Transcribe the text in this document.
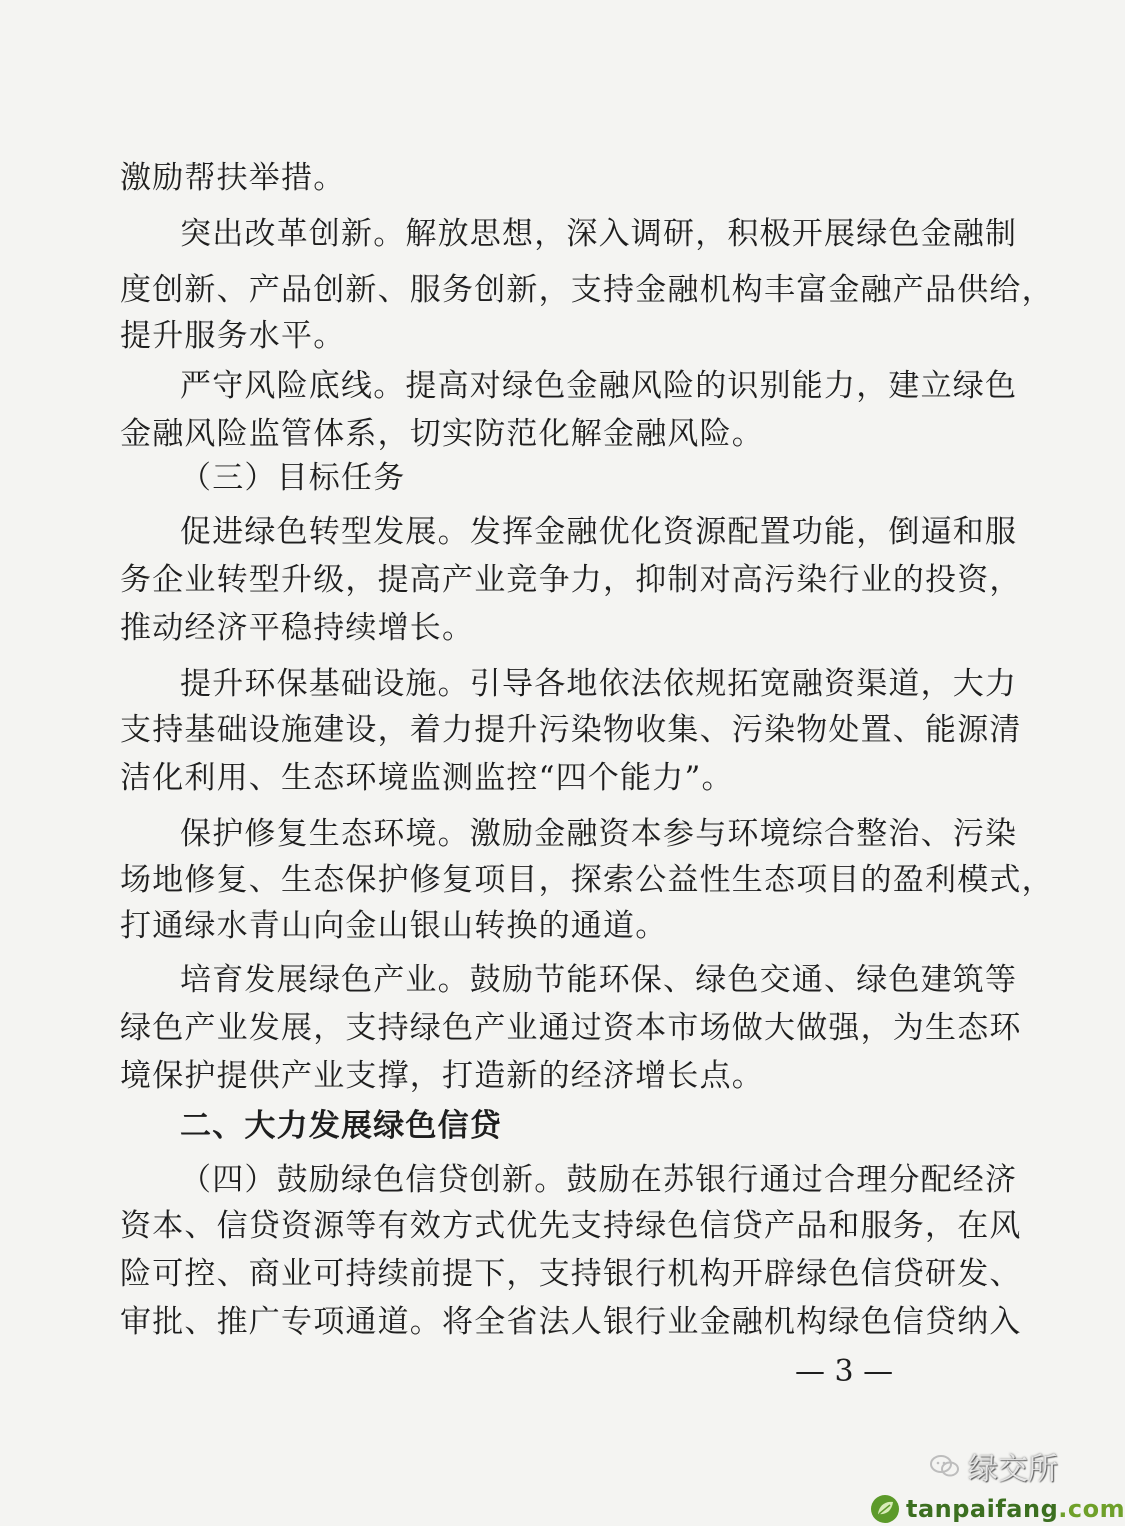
激励帮扶举措。
突出改革创新。解放思想，深入调研，积极开展绿色金融制
度创新、产品创新、服务创新，支持金融机构丰富金融产品供给，
提升服务水平。
严守风险底线。提高对绿色金融风险的识别能力，建立绿色
金融风险监管体系，切实防范化解金融风险。
（三）目标任务
促进绿色转型发展。发挥金融优化资源配置功能，倒逼和服
务企业转型升级，提高产业竞争力，抑制对高污染行业的投资，
推动经济平稳持续增长。
提升环保基础设施。引导各地依法依规拓宽融资渠道，大力
支持基础设施建设，着力提升污染物收集、污染物处置、能源清
洁化利用、生态环境监测监控“四个能力”。
保护修复生态环境。激励金融资本参与环境综合整治、污染
场地修复、生态保护修复项目，探索公益性生态项目的盈利模式，
打通绿水青山向金山银山转换的通道。
培育发展绿色产业。鼓励节能环保、绿色交通、绿色建筑等
绿色产业发展，支持绿色产业通过资本市场做大做强，为生态环
境保护提供产业支撑，打造新的经济增长点。
二、大力发展绿色信贷
（四）鼓励绿色信贷创新。鼓励在苏银行通过合理分配经济
资本、信贷资源等有效方式优先支持绿色信贷产品和服务，在风
险可控、商业可持续前提下，支持银行机构开辟绿色信贷研发、
审批、推广专项通道。将全省法人银行业金融机构绿色信贷纳入
— 3 —
绿交所
tanpaifang.com
